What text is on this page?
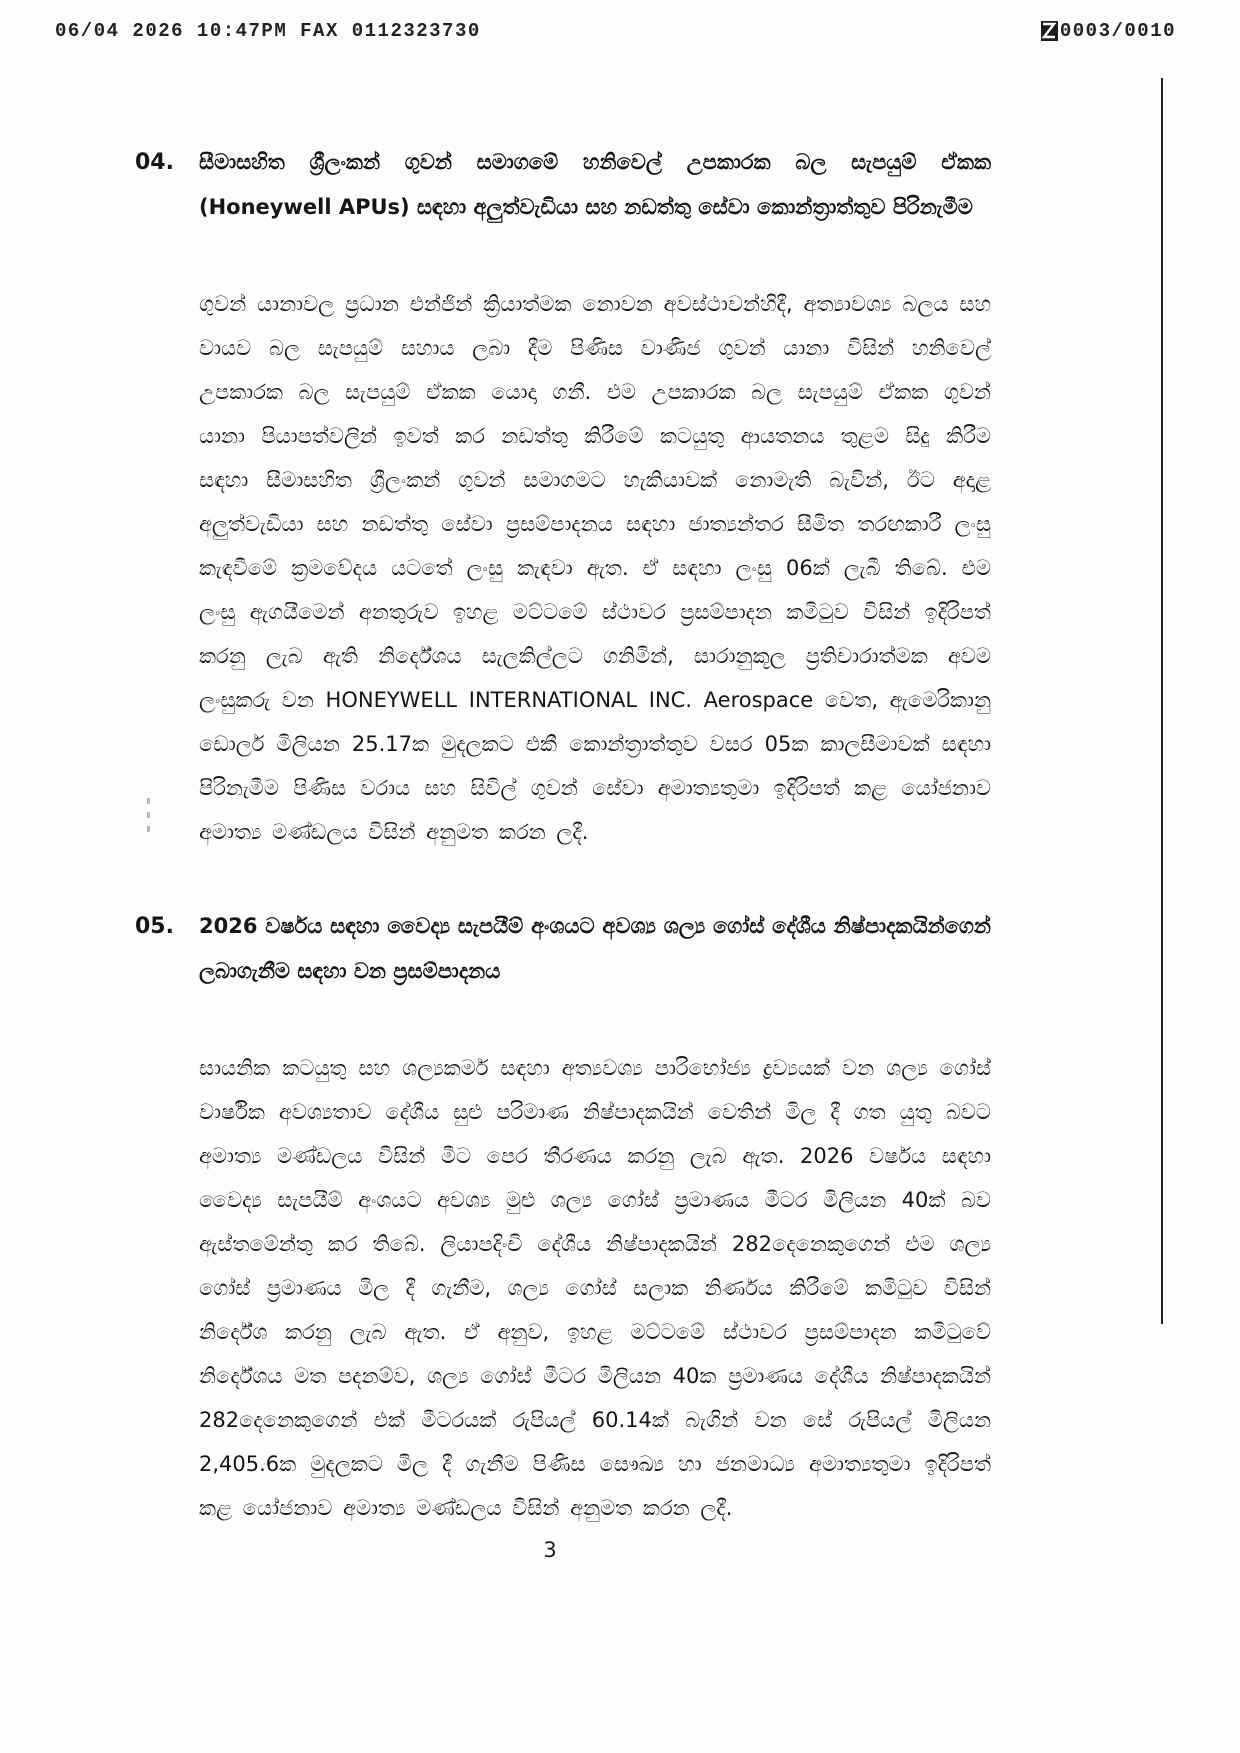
06/04 2026 10:47PM FAX 0112323730	0003/0010
04.	සීමාසහිත ශ්‍රීලංකන් ගුවන් සමාගමේ හනිවෙල් උපකාරක බල සැපයුම් ඒකක (Honeywell APUs) සඳහා අලුත්වැඩියා සහ නඩත්තු සේවා කොන්ත්‍රාත්තුව පිරිනැමීම

ගුවන් යානාවල ප්‍රධාන එන්ජින් ක්‍රියාත්මක නොවන අවස්ථාවන්හිදී, අත්‍යාවශ්‍ය බලය සහ වායව බල සැපයුම් සහාය ලබා දීම පිණිස වාණිජ ගුවන් යානා විසින් හනිවෙල් උපකාරක බල සැපයුම් ඒකක යොදා ගනී. එම උපකාරක බල සැපයුම් ඒකක ගුවන් යානා පියාපත්වලින් ඉවත් කර නඩත්තු කිරීමේ කටයුතු ආයතනය තුළම සිදු කිරීම සඳහා සීමාසහිත ශ්‍රීලංකන් ගුවන් සමාගමට හැකියාවක් නොමැති බැවින්, ඊට අදාළ අලුත්වැඩියා සහ නඩත්තු සේවා ප්‍රසම්පාදනය සඳහා ජාත්‍යන්තර සීමිත තරඟකාරී ලංසු කැඳවීමේ ක්‍රමවේදය යටතේ ලංසු කැඳවා ඇත. ඒ සඳහා ලංසු 06ක් ලැබී තිබේ. එම ලංසු ඇගයීමෙන් අනතුරුව ඉහළ මට්ටමේ ස්ථාවර ප්‍රසම්පාදන කමිටුව විසින් ඉදිරිපත් කරනු ලැබ ඇති නිර්දේශය සැලකිල්ලට ගනිමින්, සාරානුකූල ප්‍රතිචාරාත්මක අවම ලංසුකරු වන HONEYWELL INTERNATIONAL INC. Aerospace වෙත, ඇමෙරිකානු ඩොලර් මිලියන 25.17ක මුදලකට එකී කොන්ත්‍රාත්තුව වසර 05ක කාලසීමාවක් සඳහා පිරිනැමීම පිණිස වරාය සහ සිවිල් ගුවන් සේවා අමාත්‍යතුමා ඉදිරිපත් කළ යෝජනාව අමාත්‍ය මණ්ඩලය විසින් අනුමත කරන ලදී.

05.	2026 වර්ෂය සඳහා වෛද්‍ය සැපයීම් අංශයට අවශ්‍ය ශල්‍ය ගෝස් දේශීය නිෂ්පාදකයින්ගෙන් ලබාගැනීම සඳහා වන ප්‍රසම්පාදනය

සායනික කටයුතු සහ ශල්‍යකර්ම සඳහා අත්‍යවශ්‍ය පාරිභෝජ්‍ය ද්‍රව්‍යයක් වන ශල්‍ය ගෝස් වාර්ෂික අවශ්‍යතාව දේශීය සුළු පරිමාණ නිෂ්පාදකයින් වෙතින් මිල දී ගත යුතු බවට අමාත්‍ය මණ්ඩලය විසින් මීට පෙර තීරණය කරනු ලැබ ඇත. 2026 වර්ෂය සඳහා වෛද්‍ය සැපයීම් අංශයට අවශ්‍ය මුළු ශල්‍ය ගෝස් ප්‍රමාණය මීටර මිලියන 40ක් බව ඇස්තමේන්තු කර තිබේ. ලියාපදිංචි දේශීය නිෂ්පාදකයින් 282දෙනෙකුගෙන් එම ශල්‍ය ගෝස් ප්‍රමාණය මිල දී ගැනීම, ශල්‍ය ගෝස් සලාක නිර්ණය කිරීමේ කමිටුව විසින් නිර්දේශ කරනු ලැබ ඇත. ඒ අනුව, ඉහළ මට්ටමේ ස්ථාවර ප්‍රසම්පාදන කමිටුවේ නිර්දේශය මත පදනම්ව, ශල්‍ය ගෝස් මීටර මිලියන 40ක ප්‍රමාණය දේශීය නිෂ්පාදකයින් 282දෙනෙකුගෙන් එක් මීටරයක් රුපියල් 60.14ක් බැගින් වන සේ රුපියල් මිලියන 2,405.6ක මුදලකට මිල දී ගැනීම පිණිස සෞඛ්‍ය හා ජනමාධ්‍ය අමාත්‍යතුමා ඉදිරිපත් කළ යෝජනාව අමාත්‍ය මණ්ඩලය විසින් අනුමත කරන ලදී.

3
